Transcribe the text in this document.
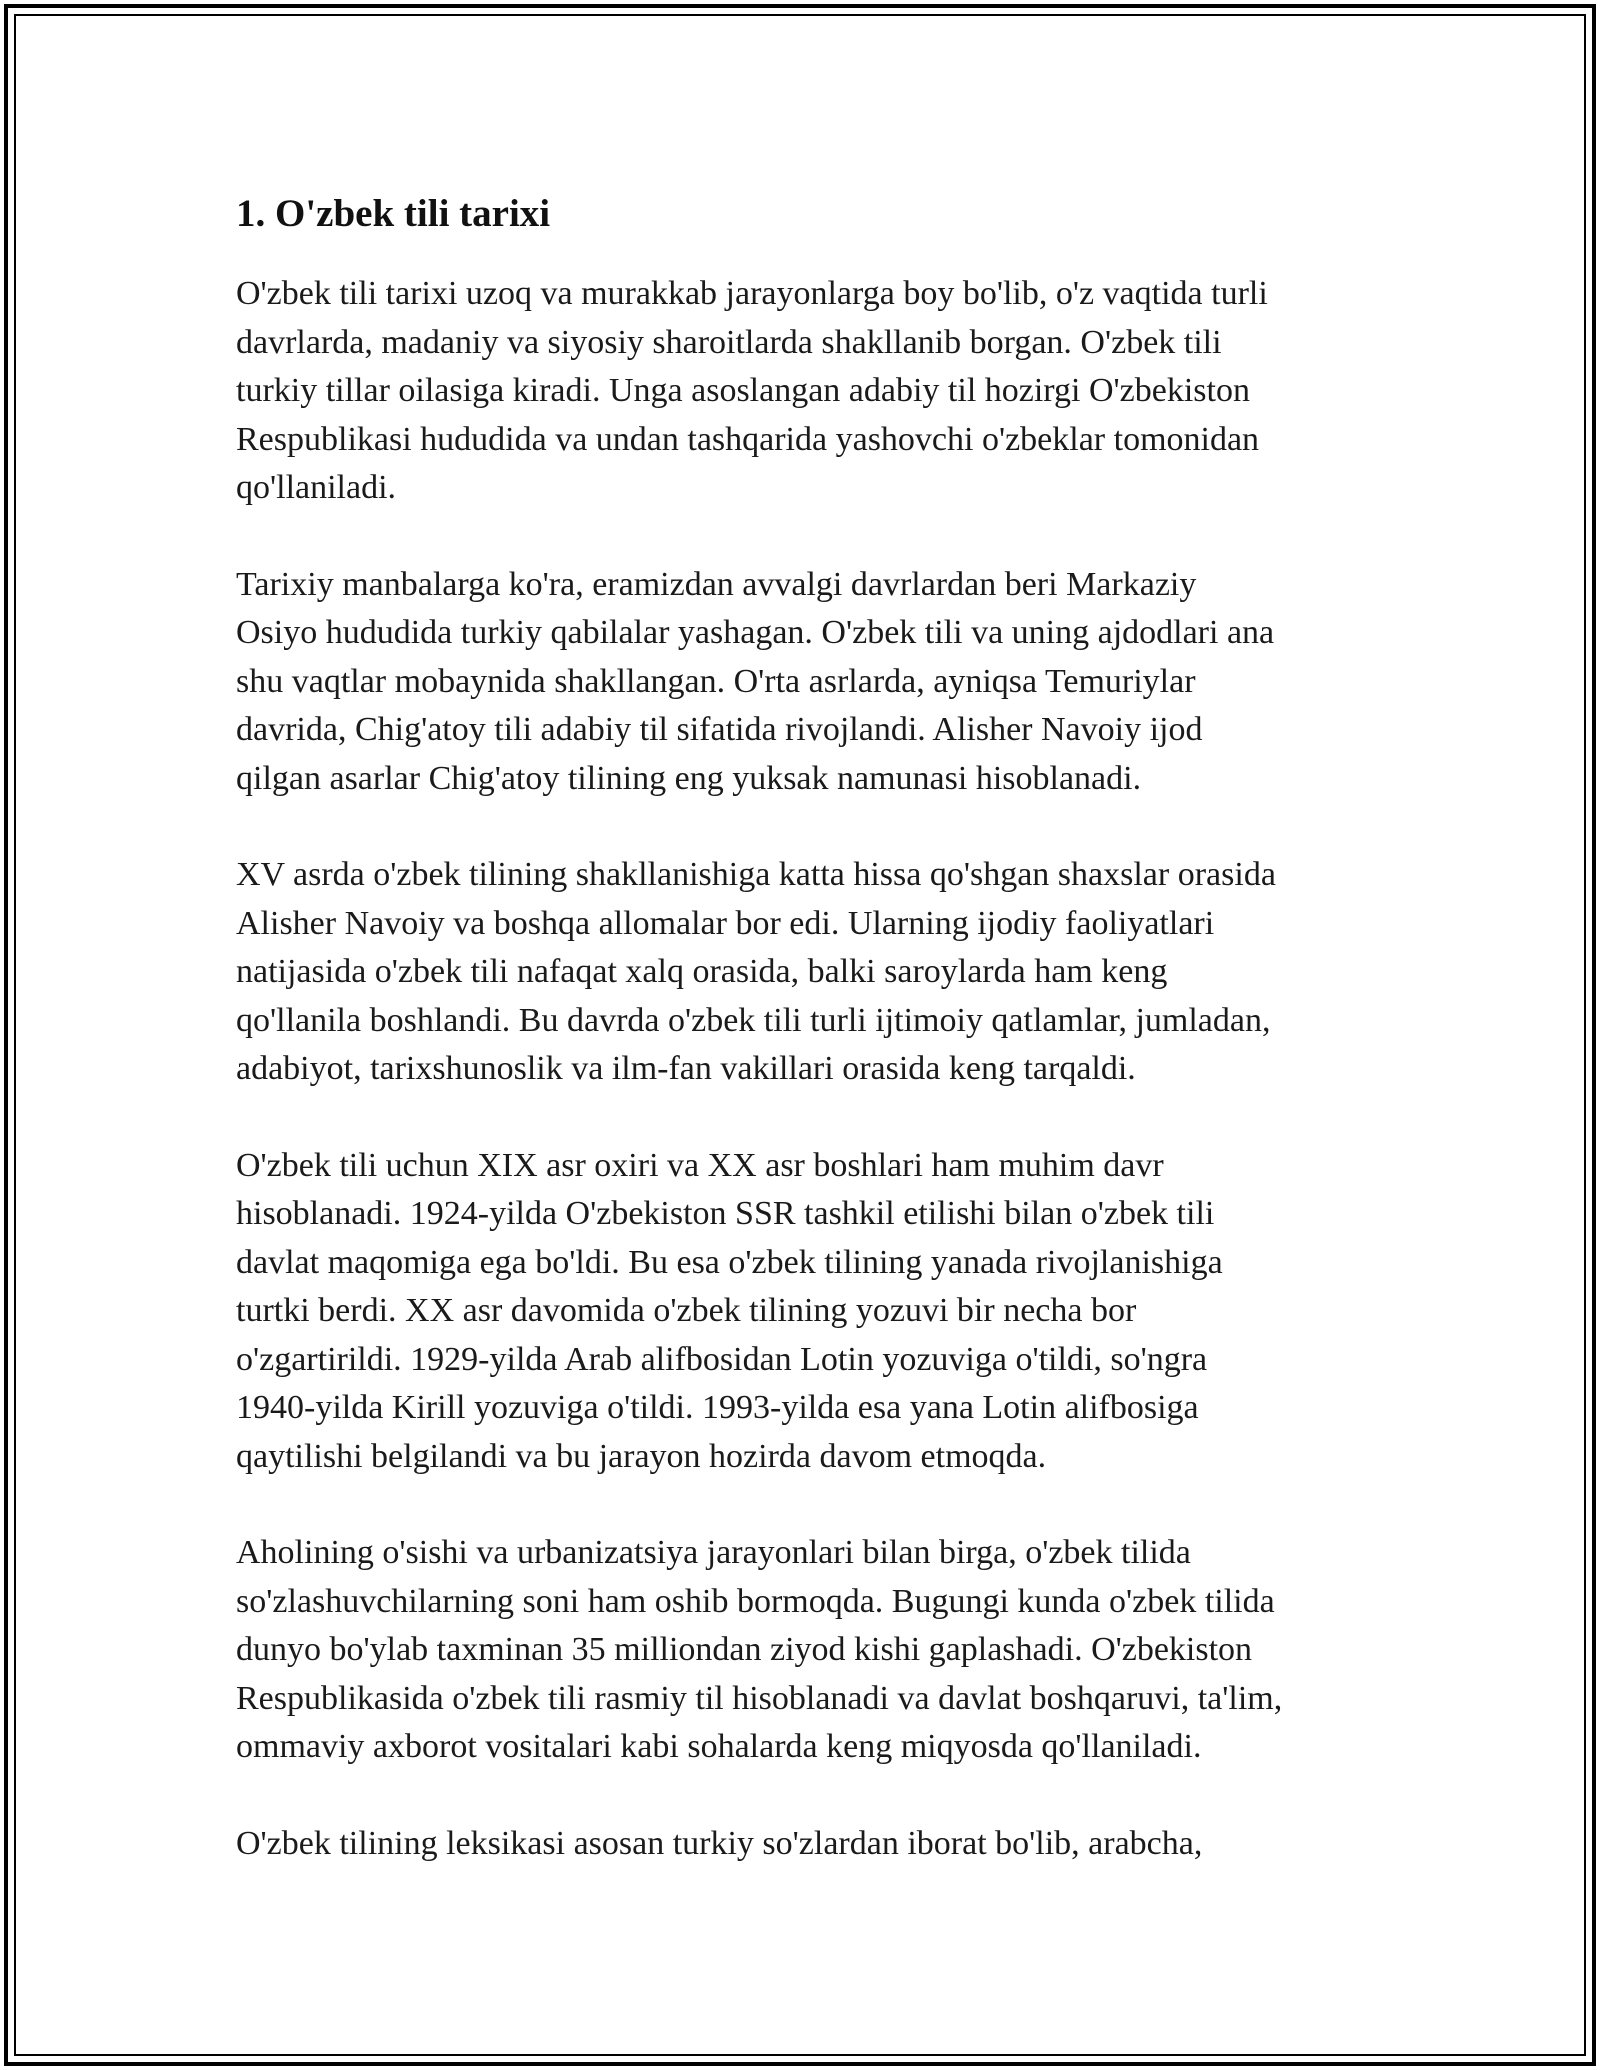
1. O'zbek tili tarixi

O'zbek tili tarixi uzoq va murakkab jarayonlarga boy bo'lib, o'z vaqtida turli
davrlarda, madaniy va siyosiy sharoitlarda shakllanib borgan. O'zbek tili
turkiy tillar oilasiga kiradi. Unga asoslangan adabiy til hozirgi O'zbekiston
Respublikasi hududida va undan tashqarida yashovchi o'zbeklar tomonidan
qo'llaniladi.

Tarixiy manbalarga ko'ra, eramizdan avvalgi davrlardan beri Markaziy
Osiyo hududida turkiy qabilalar yashagan. O'zbek tili va uning ajdodlari ana
shu vaqtlar mobaynida shakllangan. O'rta asrlarda, ayniqsa Temuriylar
davrida, Chig'atoy tili adabiy til sifatida rivojlandi. Alisher Navoiy ijod
qilgan asarlar Chig'atoy tilining eng yuksak namunasi hisoblanadi.

XV asrda o'zbek tilining shakllanishiga katta hissa qo'shgan shaxslar orasida
Alisher Navoiy va boshqa allomalar bor edi. Ularning ijodiy faoliyatlari
natijasida o'zbek tili nafaqat xalq orasida, balki saroylarda ham keng
qo'llanila boshlandi. Bu davrda o'zbek tili turli ijtimoiy qatlamlar, jumladan,
adabiyot, tarixshunoslik va ilm-fan vakillari orasida keng tarqaldi.

O'zbek tili uchun XIX asr oxiri va XX asr boshlari ham muhim davr
hisoblanadi. 1924-yilda O'zbekiston SSR tashkil etilishi bilan o'zbek tili
davlat maqomiga ega bo'ldi. Bu esa o'zbek tilining yanada rivojlanishiga
turtki berdi. XX asr davomida o'zbek tilining yozuvi bir necha bor
o'zgartirildi. 1929-yilda Arab alifbosidan Lotin yozuviga o'tildi, so'ngra
1940-yilda Kirill yozuviga o'tildi. 1993-yilda esa yana Lotin alifbosiga
qaytilishi belgilandi va bu jarayon hozirda davom etmoqda.

Aholining o'sishi va urbanizatsiya jarayonlari bilan birga, o'zbek tilida
so'zlashuvchilarning soni ham oshib bormoqda. Bugungi kunda o'zbek tilida
dunyo bo'ylab taxminan 35 milliondan ziyod kishi gaplashadi. O'zbekiston
Respublikasida o'zbek tili rasmiy til hisoblanadi va davlat boshqaruvi, ta'lim,
ommaviy axborot vositalari kabi sohalarda keng miqyosda qo'llaniladi.

O'zbek tilining leksikasi asosan turkiy so'zlardan iborat bo'lib, arabcha,
